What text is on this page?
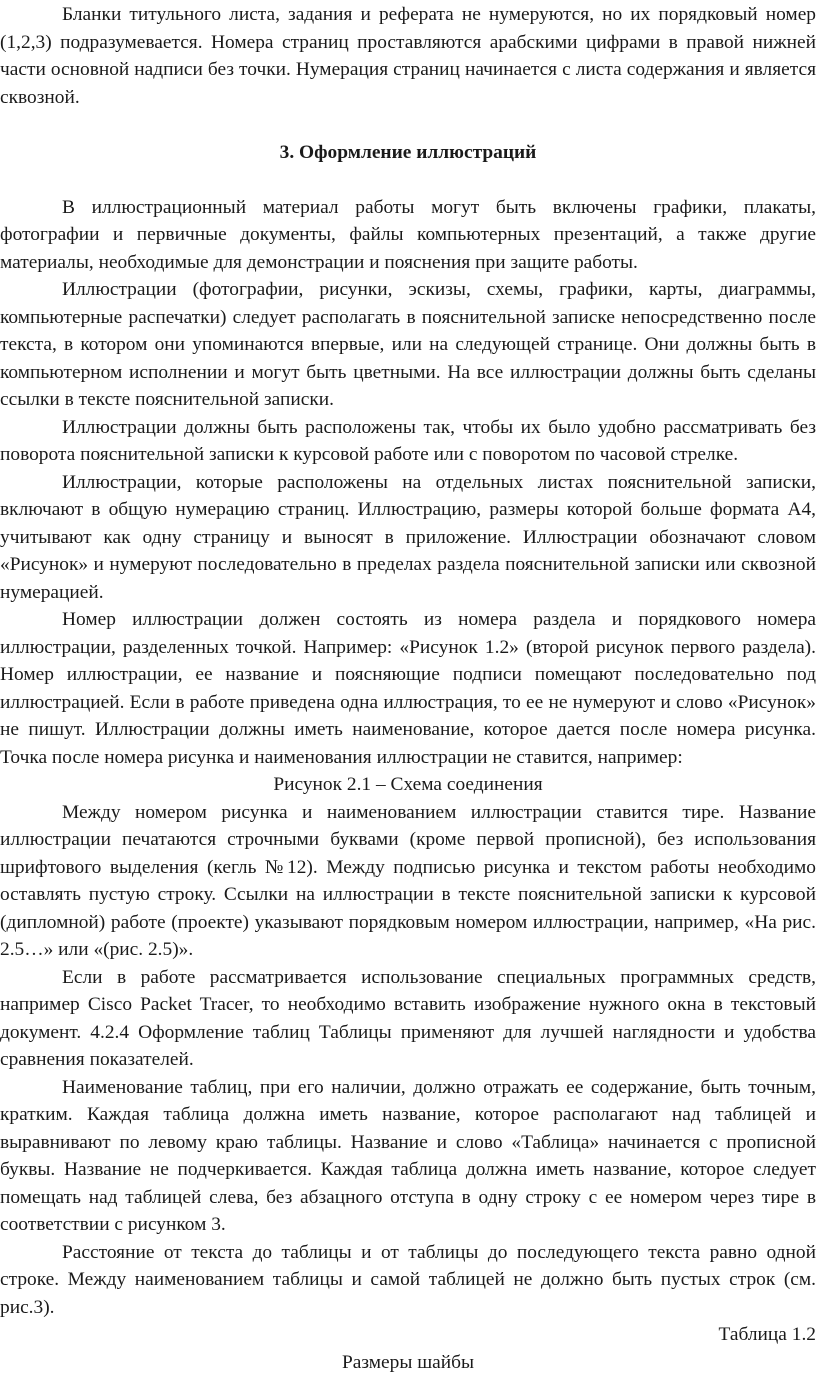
Бланки титульного листа, задания и реферата не нумеруются, но их порядковый номер (1,2,3) подразумевается. Номера страниц проставляются арабскими цифрами в правой нижней части основной надписи без точки. Нумерация страниц начинается с листа содержания и является сквозной.

3. Оформление иллюстраций

В иллюстрационный материал работы могут быть включены графики, плакаты, фотографии и первичные документы, файлы компьютерных презентаций, а также другие материалы, необходимые для демонстрации и пояснения при защите работы.

Иллюстрации (фотографии, рисунки, эскизы, схемы, графики, карты, диаграммы, компьютерные распечатки) следует располагать в пояснительной записке непосредственно после текста, в котором они упоминаются впервые, или на следующей странице. Они должны быть в компьютерном исполнении и могут быть цветными. На все иллюстрации должны быть сделаны ссылки в тексте пояснительной записки.

Иллюстрации должны быть расположены так, чтобы их было удобно рассматривать без поворота пояснительной записки к курсовой работе или с поворотом по часовой стрелке.

Иллюстрации, которые расположены на отдельных листах пояснительной записки, включают в общую нумерацию страниц. Иллюстрацию, размеры которой больше формата А4, учитывают как одну страницу и выносят в приложение. Иллюстрации обозначают словом «Рисунок» и нумеруют последовательно в пределах раздела пояснительной записки или сквозной нумерацией.

Номер иллюстрации должен состоять из номера раздела и порядкового номера иллюстрации, разделенных точкой. Например: «Рисунок 1.2» (второй рисунок первого раздела). Номер иллюстрации, ее название и поясняющие подписи помещают последовательно под иллюстрацией. Если в работе приведена одна иллюстрация, то ее не нумеруют и слово «Рисунок» не пишут. Иллюстрации должны иметь наименование, которое дается после номера рисунка. Точка после номера рисунка и наименования иллюстрации не ставится, например:

Рисунок 2.1 – Схема соединения

Между номером рисунка и наименованием иллюстрации ставится тире. Название иллюстрации печатаются строчными буквами (кроме первой прописной), без использования шрифтового выделения (кегль №12). Между подписью рисунка и текстом работы необходимо оставлять пустую строку. Ссылки на иллюстрации в тексте пояснительной записки к курсовой (дипломной) работе (проекте) указывают порядковым номером иллюстрации, например, «На рис. 2.5…» или «(рис. 2.5)».

Если в работе рассматривается использование специальных программных средств, например Cisco Packet Tracer, то необходимо вставить изображение нужного окна в текстовый документ. 4.2.4 Оформление таблиц Таблицы применяют для лучшей наглядности и удобства сравнения показателей.

Наименование таблиц, при его наличии, должно отражать ее содержание, быть точным, кратким. Каждая таблица должна иметь название, которое располагают над таблицей и выравнивают по левому краю таблицы. Название и слово «Таблица» начинается с прописной буквы. Название не подчеркивается. Каждая таблица должна иметь название, которое следует помещать над таблицей слева, без абзацного отступа в одну строку с ее номером через тире в соответствии с рисунком 3.

Расстояние от текста до таблицы и от таблицы до последующего текста равно одной строке. Между наименованием таблицы и самой таблицей не должно быть пустых строк (см. рис.3).

Таблица 1.2

Размеры шайбы
